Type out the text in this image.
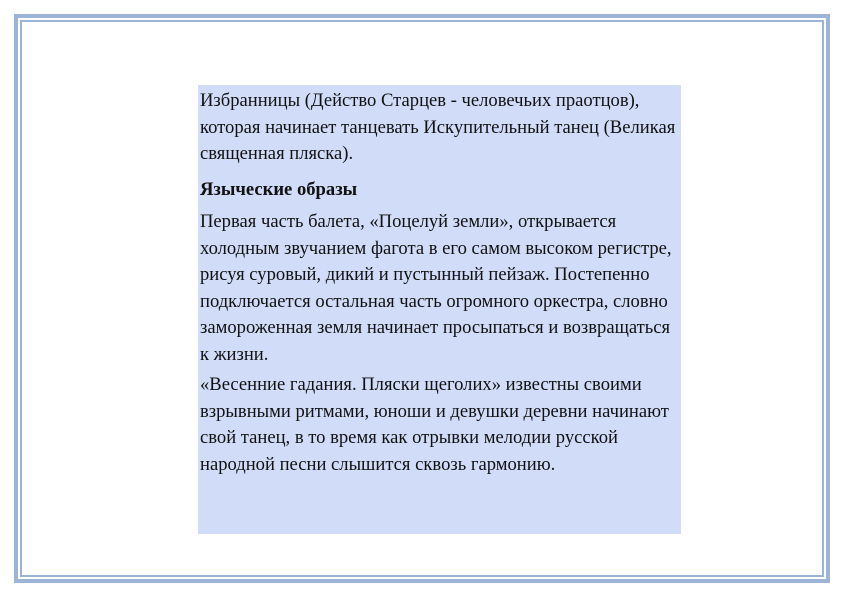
Избранницы (Действо Старцев - человечьих праотцов), которая начинает танцевать Искупительный танец (Великая священная пляска).

Языческие образы

Первая часть балета, «Поцелуй земли», открывается холодным звучанием фагота в его самом высоком регистре, рисуя суровый, дикий и пустынный пейзаж. Постепенно подключается остальная часть огромного оркестра, словно замороженная земля начинает просыпаться и возвращаться к жизни.

«Весенние гадания. Пляски щеголих» известны своими взрывными ритмами, юноши и девушки деревни начинают свой танец, в то время как отрывки мелодии русской народной песни слышится сквозь гармонию.
